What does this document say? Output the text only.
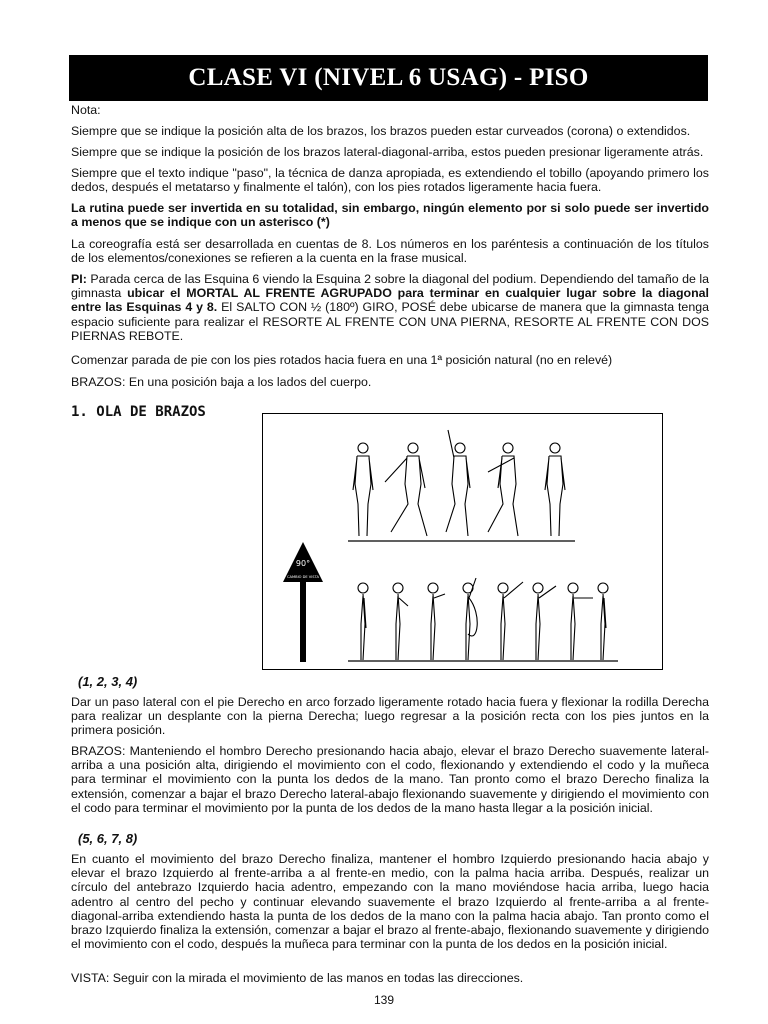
CLASE VI (NIVEL 6 USAG) - PISO

Nota:

Siempre que se indique la posición alta de los brazos, los brazos pueden estar curveados (corona) o extendidos.

Siempre que se indique la posición de los brazos lateral-diagonal-arriba, estos pueden presionar ligeramente atrás.

Siempre que el texto indique "paso", la técnica de danza apropiada, es extendiendo el tobillo (apoyando primero los dedos, después el metatarso y finalmente el talón), con los pies rotados ligeramente hacia fuera.

La rutina puede ser invertida en su totalidad, sin embargo, ningún elemento por si solo puede ser invertido a menos que se indique con un asterisco (*)

La coreografía está ser desarrollada en cuentas de 8. Los números en los paréntesis a continuación de los títulos de los elementos/conexiones se refieren a la cuenta en la frase musical.

PI: Parada cerca de las Esquina 6 viendo la Esquina 2 sobre la diagonal del podium. Dependiendo del tamaño de la gimnasta ubicar el MORTAL AL FRENTE AGRUPADO para terminar en cualquier lugar sobre la diagonal entre las Esquinas 4 y 8. El SALTO CON ½ (180º) GIRO, POSÉ debe ubicarse de manera que la gimnasta tenga espacio suficiente para realizar el RESORTE AL FRENTE CON UNA PIERNA, RESORTE AL FRENTE CON DOS PIERNAS REBOTE.

Comenzar parada de pie con los pies rotados hacia fuera en una 1ª posición natural (no en relevé)

BRAZOS: En una posición baja a los lados del cuerpo.

1. OLA DE BRAZOS

90°
CAMBIO DE VISTA

(1, 2, 3, 4)

Dar un paso lateral con el pie Derecho en arco forzado ligeramente rotado hacia fuera y flexionar la rodilla Derecha para realizar un desplante con la pierna Derecha; luego regresar a la posición recta con los pies juntos en la primera posición.

BRAZOS: Manteniendo el hombro Derecho presionando hacia abajo, elevar el brazo Derecho suavemente lateral-arriba a una posición alta, dirigiendo el movimiento con el codo, flexionando y extendiendo el codo y la muñeca para terminar el movimiento con la punta los dedos de la mano. Tan pronto como el brazo Derecho finaliza la extensión, comenzar a bajar el brazo Derecho lateral-abajo flexionando suavemente y dirigiendo el movimiento con el codo para terminar el movimiento por la punta de los dedos de la mano hasta llegar a la posición inicial.

(5, 6, 7, 8)

En cuanto el movimiento del brazo Derecho finaliza, mantener el hombro Izquierdo presionando hacia abajo y elevar el brazo Izquierdo al frente-arriba a al frente-en medio, con la palma hacia arriba. Después, realizar un círculo del antebrazo Izquierdo hacia adentro, empezando con la mano moviéndose hacia arriba, luego hacia adentro al centro del pecho y continuar elevando suavemente el brazo Izquierdo al frente-arriba a al frente-diagonal-arriba extendiendo hasta la punta de los dedos de la mano con la palma hacia abajo. Tan pronto como el brazo Izquierdo finaliza la extensión, comenzar a bajar el brazo al frente-abajo, flexionando suavemente y dirigiendo el movimiento con el codo, después la muñeca para terminar con la punta de los dedos en la posición inicial.

VISTA: Seguir con la mirada el movimiento de las manos en todas las direcciones.

139
